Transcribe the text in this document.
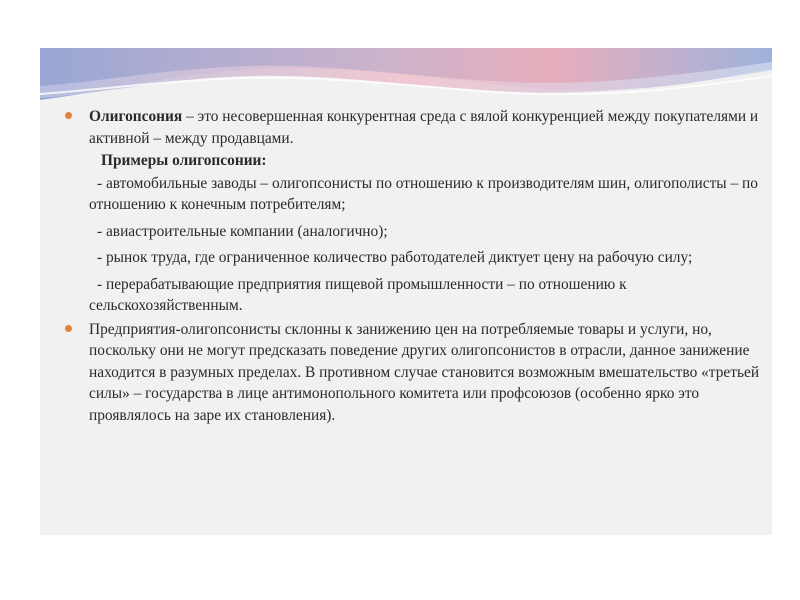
Олигопсония – это несовершенная конкурентная среда с вялой конкуренцией между покупателями и активной – между продавцами.
Примеры олигопсонии:
- автомобильные заводы – олигопсонисты по отношению к производителям шин, олигополисты – по отношению к конечным потребителям;
- авиастроительные компании (аналогично);
- рынок труда, где ограниченное количество работодателей диктует цену на рабочую силу;
- перерабатывающие предприятия пищевой промышленности – по отношению к сельскохозяйственным.
Предприятия-олигопсонисты склонны к занижению цен на потребляемые товары и услуги, но, поскольку они не могут предсказать поведение других олигопсонистов в отрасли, данное занижение находится в разумных пределах. В противном случае становится возможным вмешательство «третьей силы» – государства в лице антимонопольного комитета или профсоюзов (особенно ярко это проявлялось на заре их становления).
